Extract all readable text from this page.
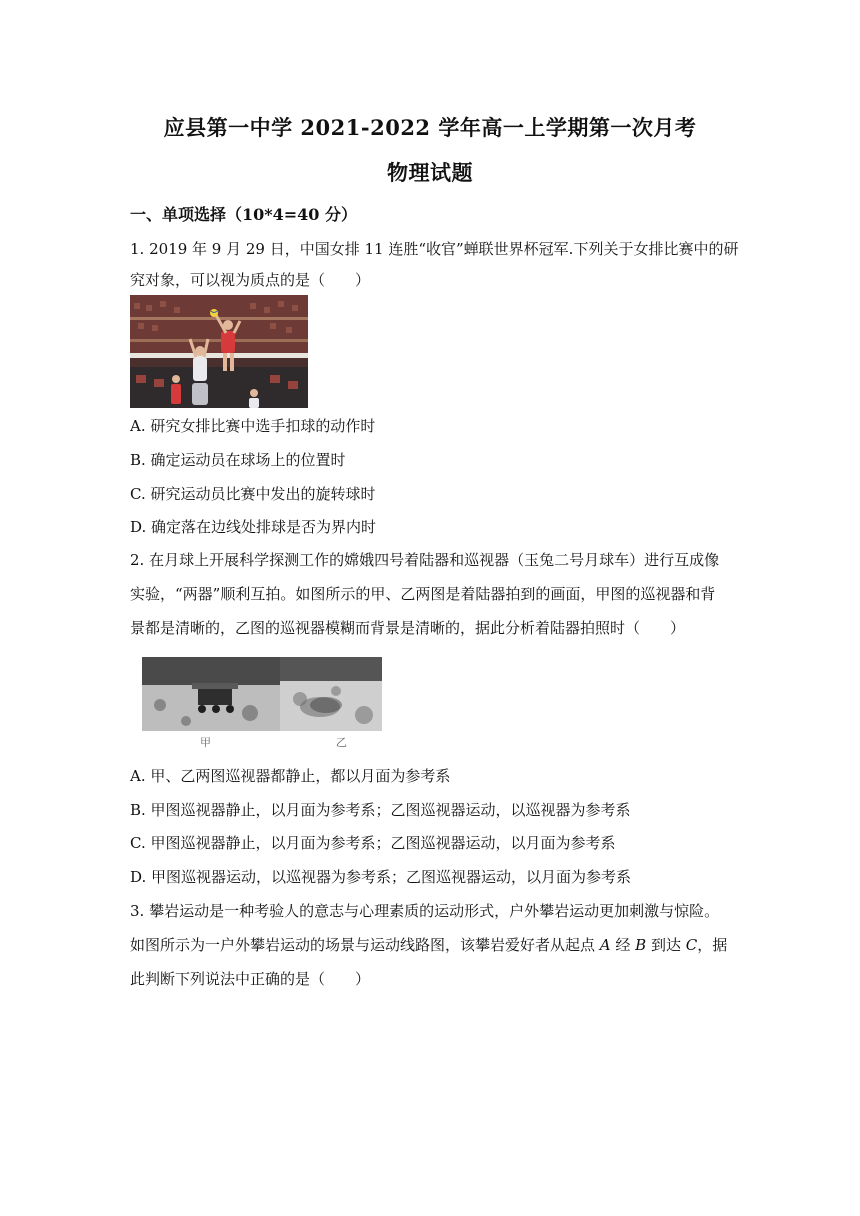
应县第一中学 2021-2022 学年高一上学期第一次月考
物理试题
一、单项选择（10*4=40 分）
1. 2019 年 9 月 29 日，中国女排 11 连胜“收官”蝉联世界杯冠军.下列关于女排比赛中的研
究对象，可以视为质点的是（　　）
A. 研究女排比赛中选手扣球的动作时
B. 确定运动员在球场上的位置时
C. 研究运动员比赛中发出的旋转球时
D. 确定落在边线处排球是否为界内时
2. 在月球上开展科学探测工作的嫦娥四号着陆器和巡视器（玉兔二号月球车）进行互成像
实验，“两器”顺利互拍。如图所示的甲、乙两图是着陆器拍到的画面，甲图的巡视器和背
景都是清晰的，乙图的巡视器模糊而背景是清晰的，据此分析着陆器拍照时（　　）
甲	乙
A. 甲、乙两图巡视器都静止，都以月面为参考系
B. 甲图巡视器静止，以月面为参考系；乙图巡视器运动，以巡视器为参考系
C. 甲图巡视器静止，以月面为参考系；乙图巡视器运动，以月面为参考系
D. 甲图巡视器运动，以巡视器为参考系；乙图巡视器运动，以月面为参考系
3. 攀岩运动是一种考验人的意志与心理素质的运动形式，户外攀岩运动更加刺激与惊险。
如图所示为一户外攀岩运动的场景与运动线路图，该攀岩爱好者从起点 A 经 B 到达 C，据
此判断下列说法中正确的是（　　）
